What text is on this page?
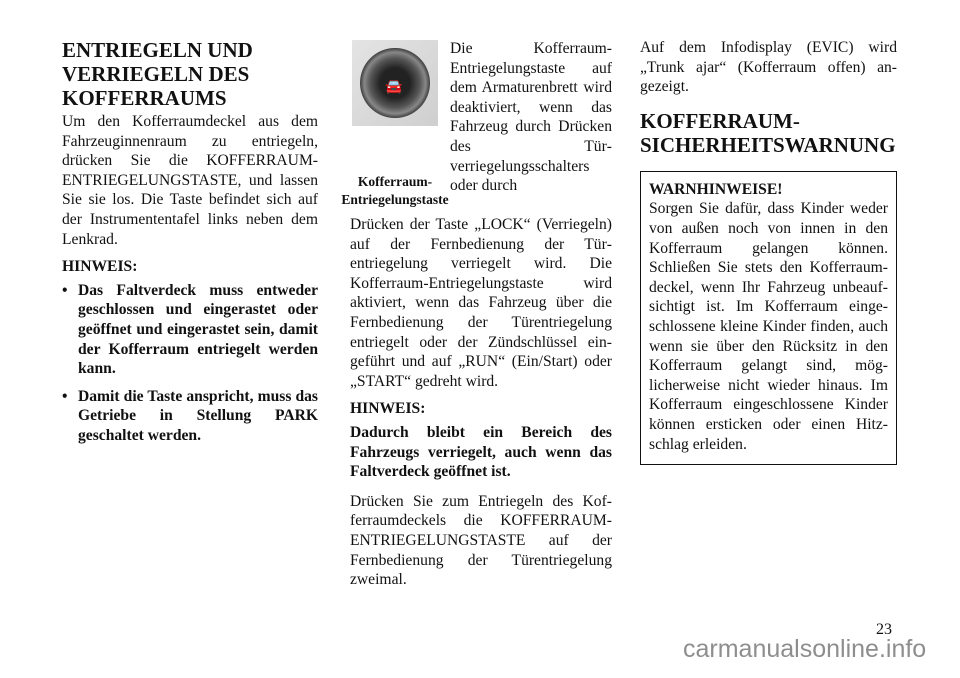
ENTRIEGELN UND VERRIEGELN DES KOFFERRAUMS

Um den Kofferraumdeckel aus dem Fahrzeuginnenraum zu entriegeln, drücken Sie die KOFFERRAUM-ENTRIEGELUNGSTASTE, und lassen Sie sie los. Die Taste befindet sich auf der Instrumententafel links neben dem Lenkrad.

HINWEIS:

• Das Faltverdeck muss entweder geschlossen und eingerastet oder geöffnet und eingerastet sein, damit der Kofferraum entriegelt werden kann.
• Damit die Taste anspricht, muss das Getriebe in Stellung PARK geschaltet werden.
🚘
Kofferraum-Entriegelungstaste

Die Kofferraum-Entriegelungstaste auf dem Armaturenbrett wird deaktiviert, wenn das Fahrzeug durch Drücken des Türverriegelungsschalters oder durch

Drücken der Taste „LOCK“ (Verriegeln) auf der Fernbedienung der Türentriegelung verriegelt wird. Die Kofferraum-Entriegelungstaste wird aktiviert, wenn das Fahrzeug über die Fernbedienung der Türentriegelung entriegelt oder der Zündschlüssel eingeführt und auf „RUN“ (Ein/Start) oder „START“ gedreht wird.

HINWEIS:

Dadurch bleibt ein Bereich des Fahrzeugs verriegelt, auch wenn das Faltverdeck geöffnet ist.

Drücken Sie zum Entriegeln des Kofferraumdeckels die KOFFERRAUM-ENTRIEGELUNGSTASTE auf der Fernbedienung der Türentriegelung zweimal.

Auf dem Infodisplay (EVIC) wird „Trunk ajar“ (Kofferraum offen) angezeigt.

KOFFERRAUM-SICHERHEITSWARNUNG

WARNHINWEISE!

Sorgen Sie dafür, dass Kinder weder von außen noch von innen in den Kofferraum gelangen können. Schließen Sie stets den Kofferraumdeckel, wenn Ihr Fahrzeug unbeaufsichtigt ist. Im Kofferraum eingeschlossene kleine Kinder finden, auch wenn sie über den Rücksitz in den Kofferraum gelangt sind, möglicherweise nicht wieder hinaus. Im Kofferraum eingeschlossene Kinder können ersticken oder einen Hitzschlag erleiden.

23
carmanualsonline.info
